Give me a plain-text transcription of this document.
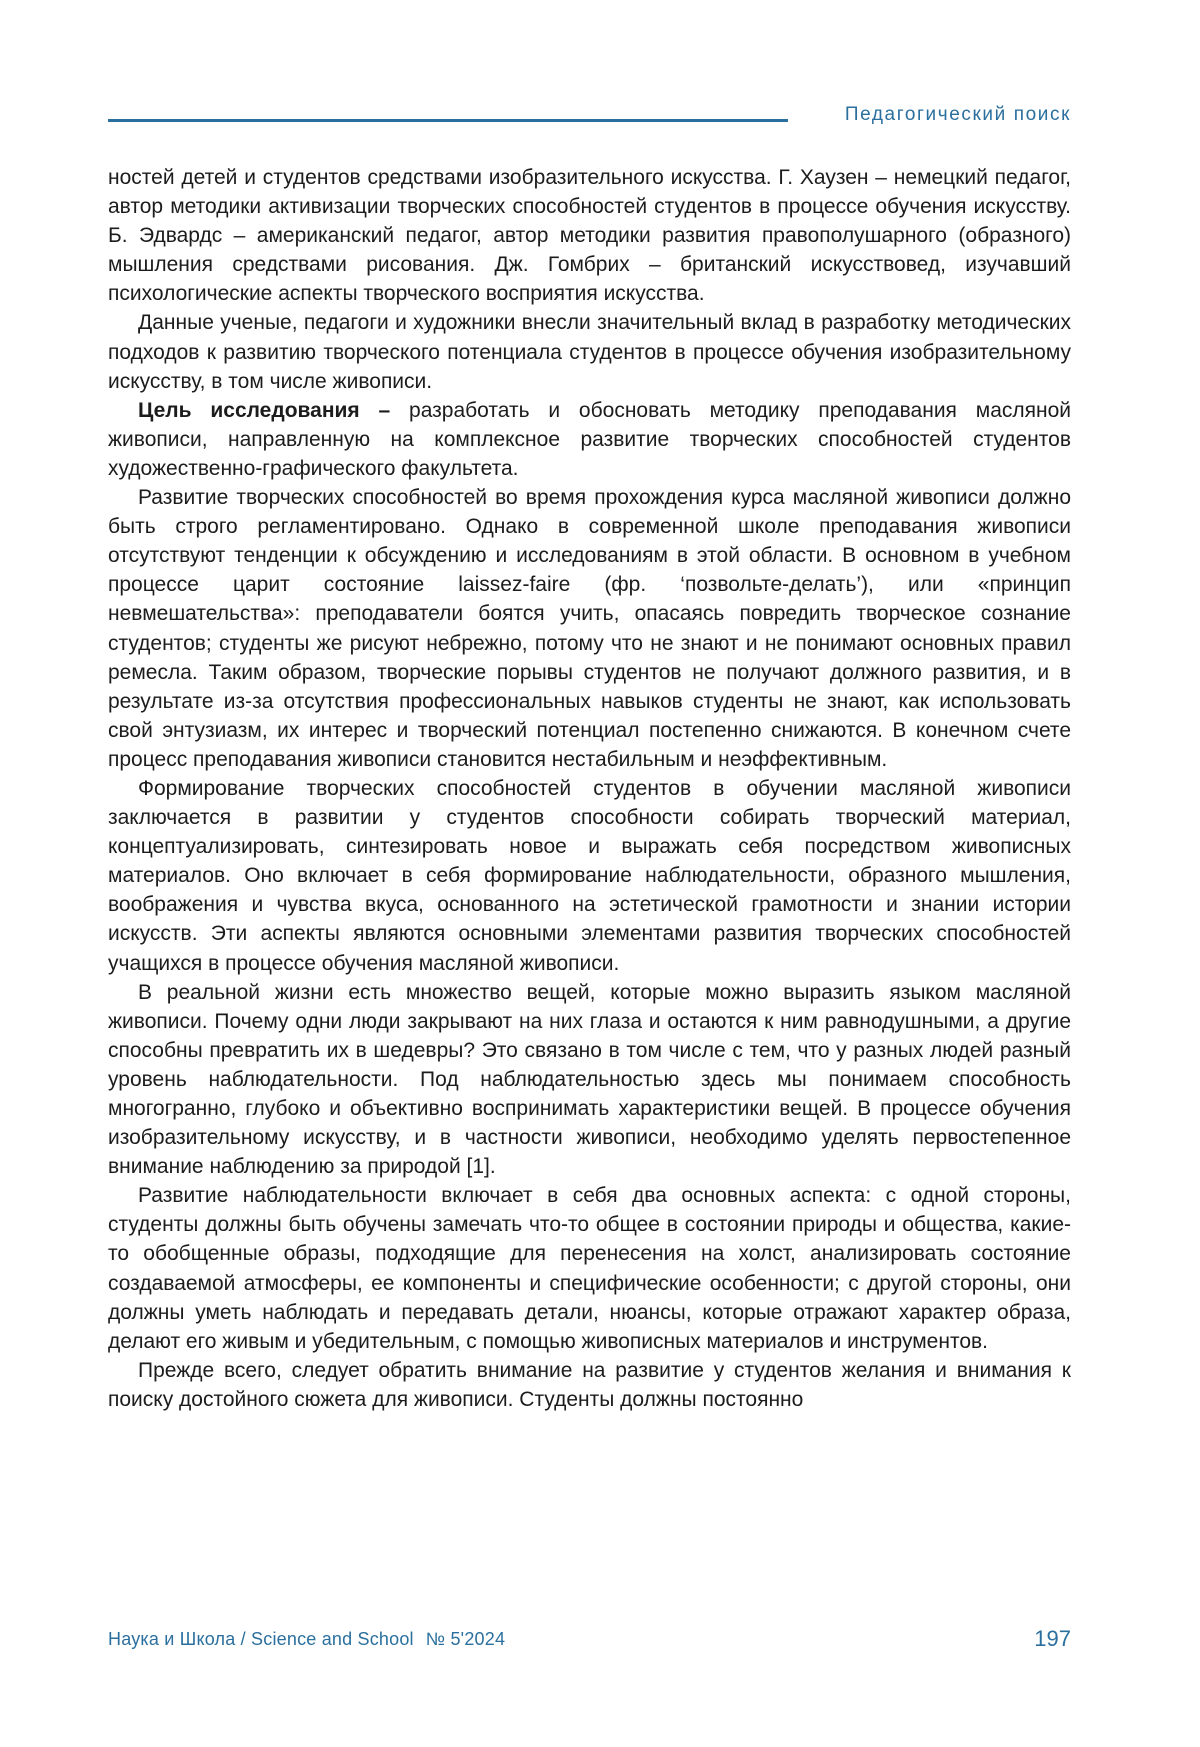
Педагогический поиск

ностей детей и студентов средствами изобразительного искусства. Г. Хаузен – немецкий педагог, автор методики активизации творческих способностей студентов в процессе обучения искусству. Б. Эдвардс – американский педагог, автор методики развития правополушарного (образного) мышления средствами рисования. Дж. Гомбрих – британский искусствовед, изучавший психологические аспекты творческого восприятия искусства.

Данные ученые, педагоги и художники внесли значительный вклад в разработку методических подходов к развитию творческого потенциала студентов в процессе обучения изобразительному искусству, в том числе живописи.

Цель исследования – разработать и обосновать методику преподавания масляной живописи, направленную на комплексное развитие творческих способностей студентов художественно-графического факультета.

Развитие творческих способностей во время прохождения курса масляной живописи должно быть строго регламентировано. Однако в современной школе преподавания живописи отсутствуют тенденции к обсуждению и исследованиям в этой области. В основном в учебном процессе царит состояние laissez-faire (фр. ‘позвольте-делать’), или «принцип невмешательства»: преподаватели боятся учить, опасаясь повредить творческое сознание студентов; студенты же рисуют небрежно, потому что не знают и не понимают основных правил ремесла. Таким образом, творческие порывы студентов не получают должного развития, и в результате из-за отсутствия профессиональных навыков студенты не знают, как использовать свой энтузиазм, их интерес и творческий потенциал постепенно снижаются. В конечном счете процесс преподавания живописи становится нестабильным и неэффективным.

Формирование творческих способностей студентов в обучении масляной живописи заключается в развитии у студентов способности собирать творческий материал, концептуализировать, синтезировать новое и выражать себя посредством живописных материалов. Оно включает в себя формирование наблюдательности, образного мышления, воображения и чувства вкуса, основанного на эстетической грамотности и знании истории искусств. Эти аспекты являются основными элементами развития творческих способностей учащихся в процессе обучения масляной живописи.

В реальной жизни есть множество вещей, которые можно выразить языком масляной живописи. Почему одни люди закрывают на них глаза и остаются к ним равнодушными, а другие способны превратить их в шедевры? Это связано в том числе с тем, что у разных людей разный уровень наблюдательности. Под наблюдательностью здесь мы понимаем способность многогранно, глубоко и объективно воспринимать характеристики вещей. В процессе обучения изобразительному искусству, и в частности живописи, необходимо уделять первостепенное внимание наблюдению за природой [1].

Развитие наблюдательности включает в себя два основных аспекта: с одной стороны, студенты должны быть обучены замечать что-то общее в состоянии природы и общества, какие-то обобщенные образы, подходящие для перенесения на холст, анализировать состояние создаваемой атмосферы, ее компоненты и специфические особенности; с другой стороны, они должны уметь наблюдать и передавать детали, нюансы, которые отражают характер образа, делают его живым и убедительным, с помощью живописных материалов и инструментов.

Прежде всего, следует обратить внимание на развитие у студентов желания и внимания к поиску достойного сюжета для живописи. Студенты должны постоянно

Наука и Школа / Science and School № 5'2024	197
